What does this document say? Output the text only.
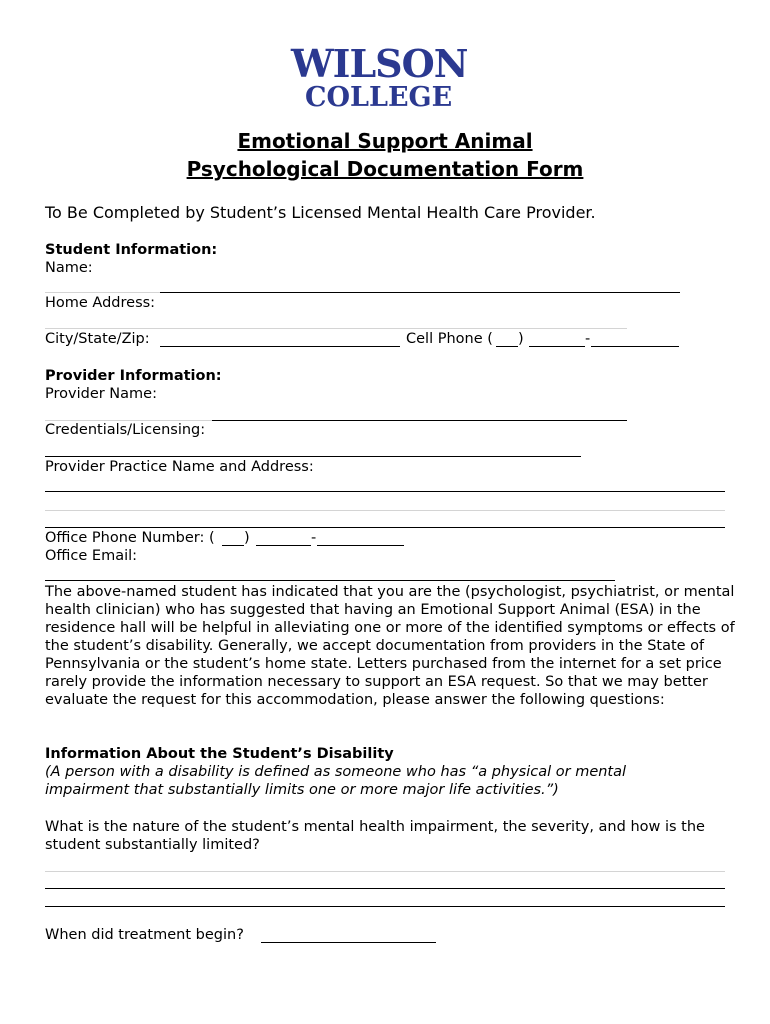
WILSON
COLLEGE
Emotional Support Animal
Psychological Documentation Form
To Be Completed by Student’s Licensed Mental Health Care Provider.
Student Information:
Name:
Home Address:
City/State/Zip:	Cell Phone ( )	-
Provider Information:
Provider Name:
Credentials/Licensing:
Provider Practice Name and Address:
Office Phone Number: ( )	-
Office Email:
The above-named student has indicated that you are the (psychologist, psychiatrist, or mental health clinician) who has suggested that having an Emotional Support Animal (ESA) in the residence hall will be helpful in alleviating one or more of the identified symptoms or effects of the student’s disability. Generally, we accept documentation from providers in the State of Pennsylvania or the student’s home state. Letters purchased from the internet for a set price rarely provide the information necessary to support an ESA request. So that we may better evaluate the request for this accommodation, please answer the following questions:
Information About the Student’s Disability
(A person with a disability is defined as someone who has “a physical or mental impairment that substantially limits one or more major life activities.”)
What is the nature of the student’s mental health impairment, the severity, and how is the student substantially limited?
When did treatment begin?
